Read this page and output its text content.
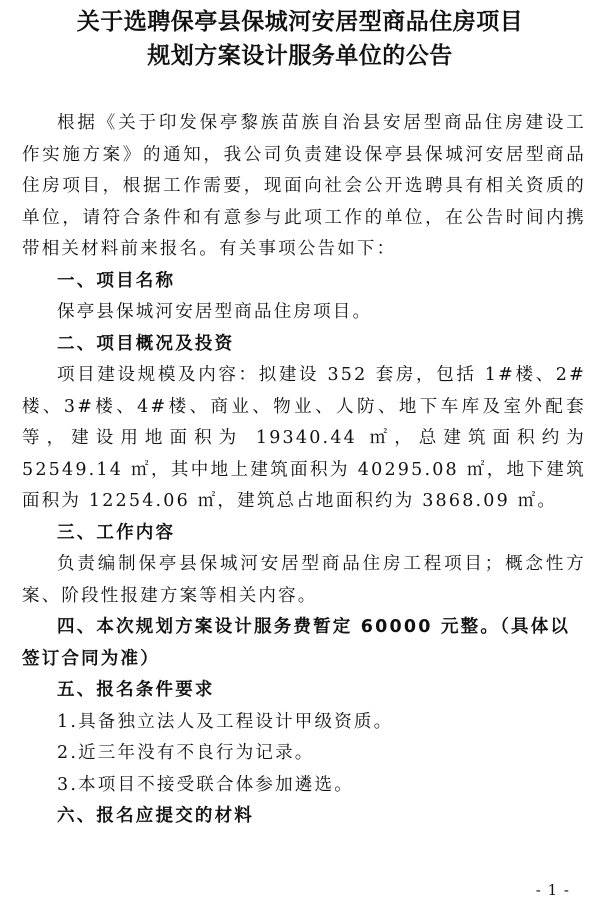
关于选聘保亭县保城河安居型商品住房项目
规划方案设计服务单位的公告

根据《关于印发保亭黎族苗族自治县安居型商品住房建设工作实施方案》的通知，我公司负责建设保亭县保城河安居型商品住房项目，根据工作需要，现面向社会公开选聘具有相关资质的单位，请符合条件和有意参与此项工作的单位，在公告时间内携带相关材料前来报名。有关事项公告如下：

一、项目名称

保亭县保城河安居型商品住房项目。

二、项目概况及投资

项目建设规模及内容：拟建设 352 套房，包括 1#楼、2#楼、3#楼、4#楼、商业、物业、人防、地下车库及室外配套等，建设用地面积为 19340.44 ㎡，总建筑面积约为 52549.14 ㎡，其中地上建筑面积为 40295.08 ㎡，地下建筑面积为 12254.06 ㎡，建筑总占地面积约为 3868.09 ㎡。

三、工作内容

负责编制保亭县保城河安居型商品住房工程项目；概念性方案、阶段性报建方案等相关内容。

四、本次规划方案设计服务费暂定 60000 元整。（具体以签订合同为准）

五、报名条件要求

1.具备独立法人及工程设计甲级资质。

2.近三年没有不良行为记录。

3.本项目不接受联合体参加遴选。

六、报名应提交的材料

- 1 -
